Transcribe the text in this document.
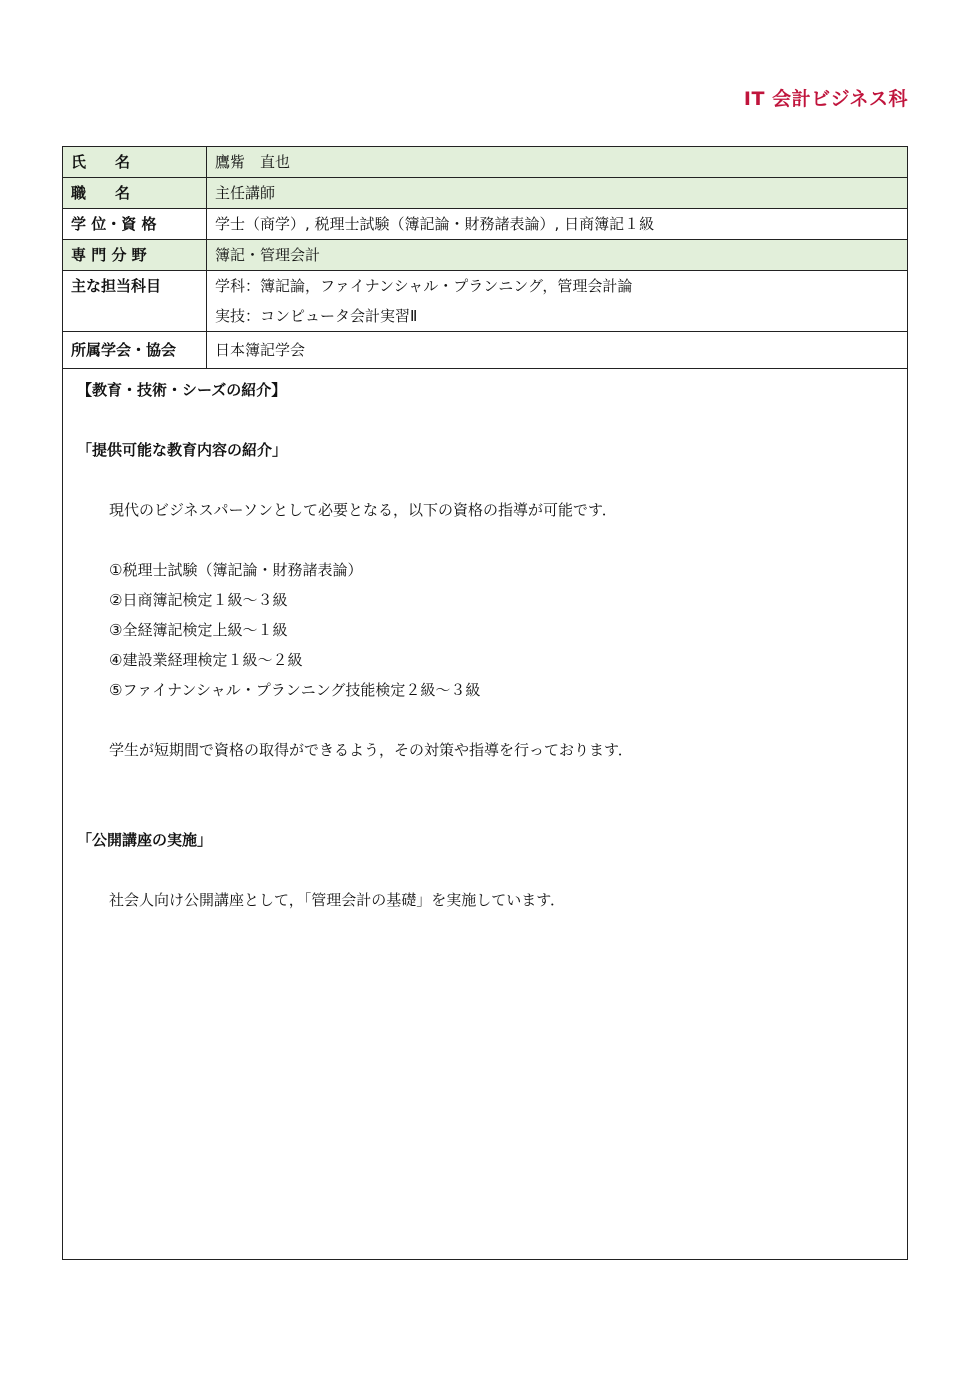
IT 会計ビジネス科
氏　名	鷹觜　直也
職　名	主任講師
学 位・資 格	学士（商学）, 税理士試験（簿記論・財務諸表論）, 日商簿記１級
専 門 分 野	簿記・管理会計
主な担当科目	学科：簿記論，ファイナンシャル・プランニング，管理会計論
実技：コンピュータ会計実習Ⅱ

所属学会・協会	日本簿記学会
【教育・技術・シーズの紹介】
「提供可能な教育内容の紹介」
現代のビジネスパーソンとして必要となる，以下の資格の指導が可能です．
①税理士試験（簿記論・財務諸表論）
②日商簿記検定１級～３級
③全経簿記検定上級～１級
④建設業経理検定１級～２級
⑤ファイナンシャル・プランニング技能検定２級～３級
学生が短期間で資格の取得ができるよう，その対策や指導を行っております．
「公開講座の実施」
社会人向け公開講座として，「管理会計の基礎」を実施しています．
